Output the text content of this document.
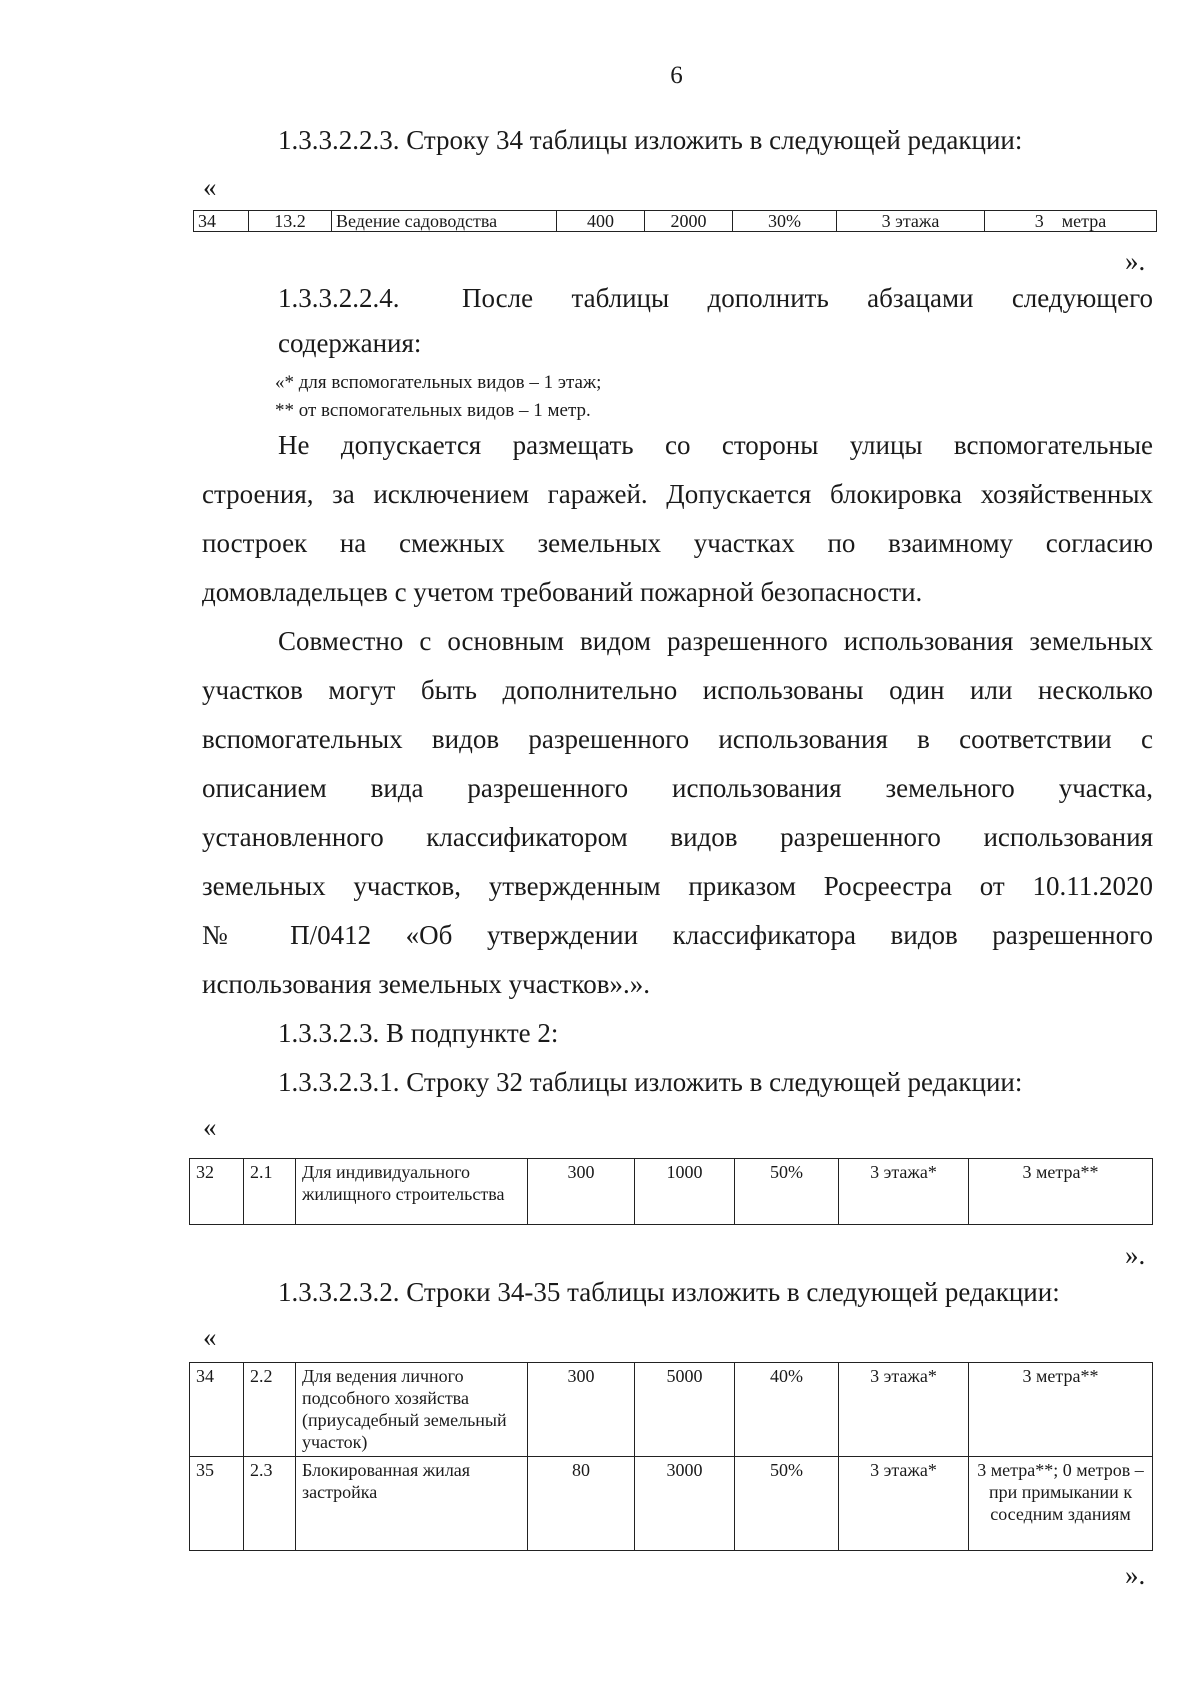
6
1.3.3.2.2.3. Строку 34 таблицы изложить в следующей редакции:
«
34	13.2	Ведение садоводства	400	2000	30%	3 этажа	3    метра
».
1.3.3.2.2.4. После таблицы дополнить абзацами следующего
содержания:
«* для вспомогательных видов – 1 этаж;
** от вспомогательных видов – 1 метр.
Не допускается размещать со стороны улицы вспомогательные
строения, за исключением гаражей. Допускается блокировка хозяйственных
построек на смежных земельных участках по взаимному согласию
домовладельцев с учетом требований пожарной безопасности.
Совместно с основным видом разрешенного использования земельных
участков могут быть дополнительно использованы один или несколько
вспомогательных видов разрешенного использования в соответствии с
описанием вида разрешенного использования земельного участка,
установленного классификатором видов разрешенного использования
земельных участков, утвержденным приказом Росреестра от 10.11.2020
№ П/0412 «Об утверждении классификатора видов разрешенного
использования земельных участков».».
1.3.3.2.3. В подпункте 2:
1.3.3.2.3.1. Строку 32 таблицы изложить в следующей редакции:
«
32	2.1	Для индивидуального жилищного строительства	300	1000	50%	3 этажа*	3 метра**
».
1.3.3.2.3.2. Строки 34-35 таблицы изложить в следующей редакции:
«
34	2.2	Для ведения личного подсобного хозяйства (приусадебный земельный участок)	300	5000	40%	3 этажа*	3 метра**
35	2.3	Блокированная жилая застройка	80	3000	50%	3 этажа*	3 метра**; 0 метров – при примыкании к соседним зданиям
».
